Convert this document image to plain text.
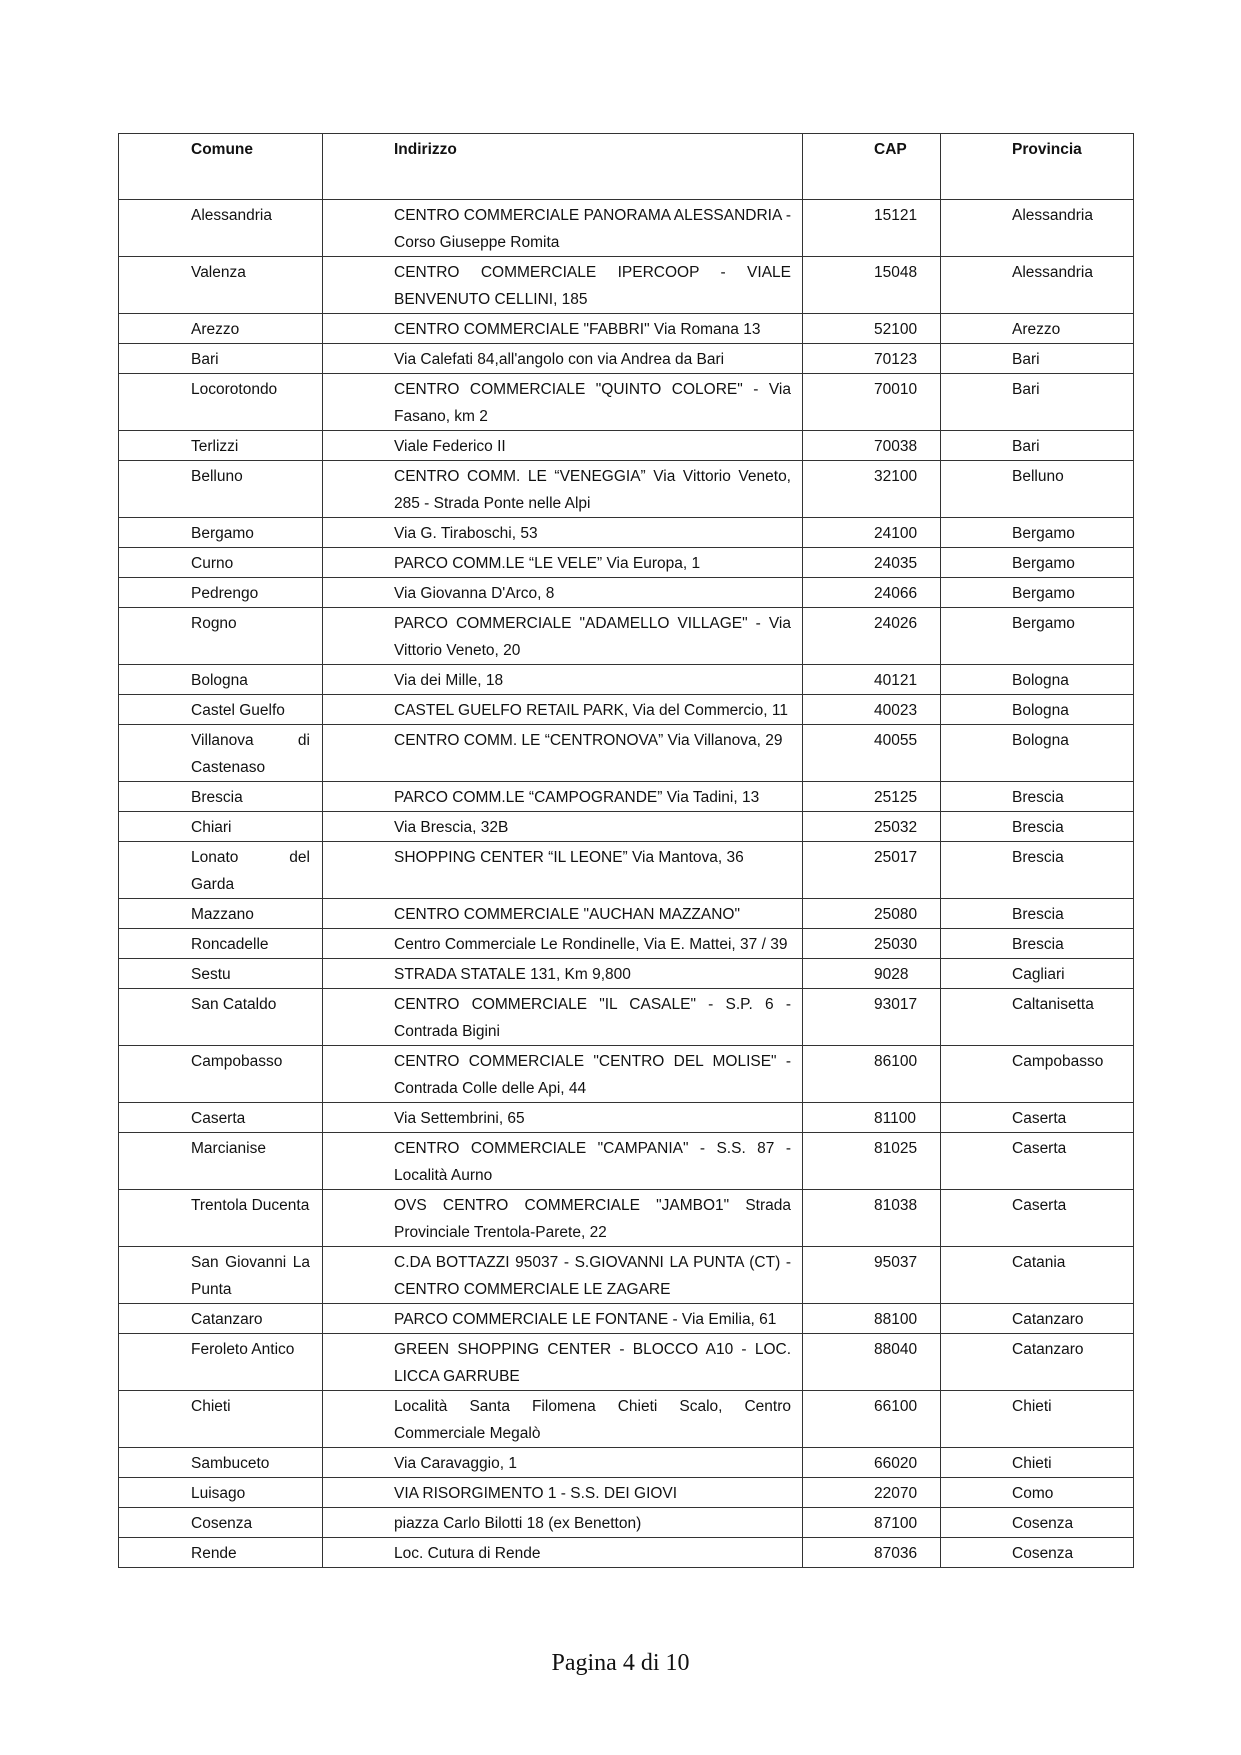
Comune	Indirizzo	CAP	Provincia
Alessandria	CENTRO COMMERCIALE PANORAMA ALESSANDRIA - Corso Giuseppe Romita	15121	Alessandria
Valenza	CENTRO COMMERCIALE IPERCOOP - VIALE BENVENUTO CELLINI, 185	15048	Alessandria
Arezzo	CENTRO COMMERCIALE "FABBRI" Via Romana 13	52100	Arezzo
Bari	Via Calefati 84,all'angolo con via Andrea da Bari	70123	Bari
Locorotondo	CENTRO COMMERCIALE "QUINTO COLORE" - Via Fasano, km 2	70010	Bari
Terlizzi	Viale Federico II	70038	Bari
Belluno	CENTRO COMM. LE “VENEGGIA” Via Vittorio Veneto, 285 - Strada Ponte nelle Alpi	32100	Belluno
Bergamo	Via G. Tiraboschi, 53	24100	Bergamo
Curno	PARCO COMM.LE “LE VELE” Via Europa, 1	24035	Bergamo
Pedrengo	Via Giovanna D'Arco, 8	24066	Bergamo
Rogno	PARCO COMMERCIALE "ADAMELLO VILLAGE" - Via Vittorio Veneto, 20	24026	Bergamo
Bologna	Via dei Mille, 18	40121	Bologna
Castel Guelfo	CASTEL GUELFO RETAIL PARK, Via del Commercio, 11	40023	Bologna
Villanova di Castenaso	CENTRO COMM. LE “CENTRONOVA” Via Villanova, 29	40055	Bologna
Brescia	PARCO COMM.LE “CAMPOGRANDE” Via Tadini, 13	25125	Brescia
Chiari	Via Brescia, 32B	25032	Brescia
Lonato del Garda	SHOPPING CENTER “IL LEONE” Via Mantova, 36	25017	Brescia
Mazzano	CENTRO COMMERCIALE "AUCHAN MAZZANO"	25080	Brescia
Roncadelle	Centro Commerciale Le Rondinelle, Via E. Mattei, 37 / 39	25030	Brescia
Sestu	STRADA STATALE 131, Km 9,800	9028	Cagliari
San Cataldo	CENTRO COMMERCIALE "IL CASALE" - S.P. 6 - Contrada Bigini	93017	Caltanisetta
Campobasso	CENTRO COMMERCIALE "CENTRO DEL MOLISE" - Contrada Colle delle Api, 44	86100	Campobasso
Caserta	Via Settembrini, 65	81100	Caserta
Marcianise	CENTRO COMMERCIALE "CAMPANIA" - S.S. 87 - Località Aurno	81025	Caserta
Trentola Ducenta	OVS CENTRO COMMERCIALE "JAMBO1" Strada Provinciale Trentola-Parete, 22	81038	Caserta
San Giovanni La Punta	C.DA BOTTAZZI 95037 - S.GIOVANNI LA PUNTA (CT) - CENTRO COMMERCIALE LE ZAGARE	95037	Catania
Catanzaro	PARCO COMMERCIALE LE FONTANE - Via Emilia, 61	88100	Catanzaro
Feroleto Antico	GREEN SHOPPING CENTER - BLOCCO A10 - LOC. LICCA GARRUBE	88040	Catanzaro
Chieti	Località Santa Filomena Chieti Scalo, Centro Commerciale Megalò	66100	Chieti
Sambuceto	Via Caravaggio, 1	66020	Chieti
Luisago	VIA RISORGIMENTO 1 - S.S. DEI GIOVI	22070	Como
Cosenza	piazza Carlo Bilotti 18 (ex Benetton)	87100	Cosenza
Rende	Loc. Cutura di Rende	87036	Cosenza
Pagina 4 di 10
